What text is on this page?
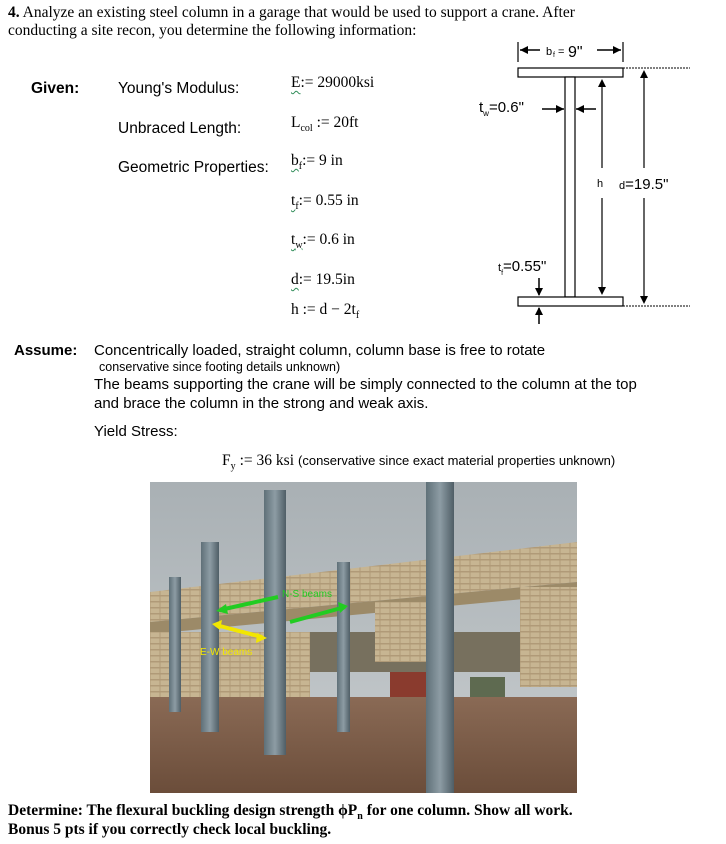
4. Analyze an existing steel column in a garage that would be used to support a crane. After
conducting a site recon, you determine the following information:
Given:	Young's Modulus:	E:= 29000ksi
Unbraced Length:	$L_{col}$ := 20ft
Geometric Properties: $b_f:= 9$ in
$t_f:= 0.55$ in
$t_w:= 0.6$ in
d:= 19.5in
h := $d - 2t_f$
b f = 9"
$t_w=0.6$"
h d=19.5"
$t_f=0.55$"
Assume: Concentrically loaded, straight column, column base is free to rotate
conservative since footing details unknown)
The beams supporting the crane will be simply connected to the column at the top
and brace the column in the strong and weak axis.
Yield Stress:
$F_y$ := 36 ksi (conservative since exact material properties unknown)
N-S beams
E-W beams
Determine: The flexural buckling design strength $\phi P_n$ for one column. Show all work.
Bonus 5 pts if you correctly check local buckling.
